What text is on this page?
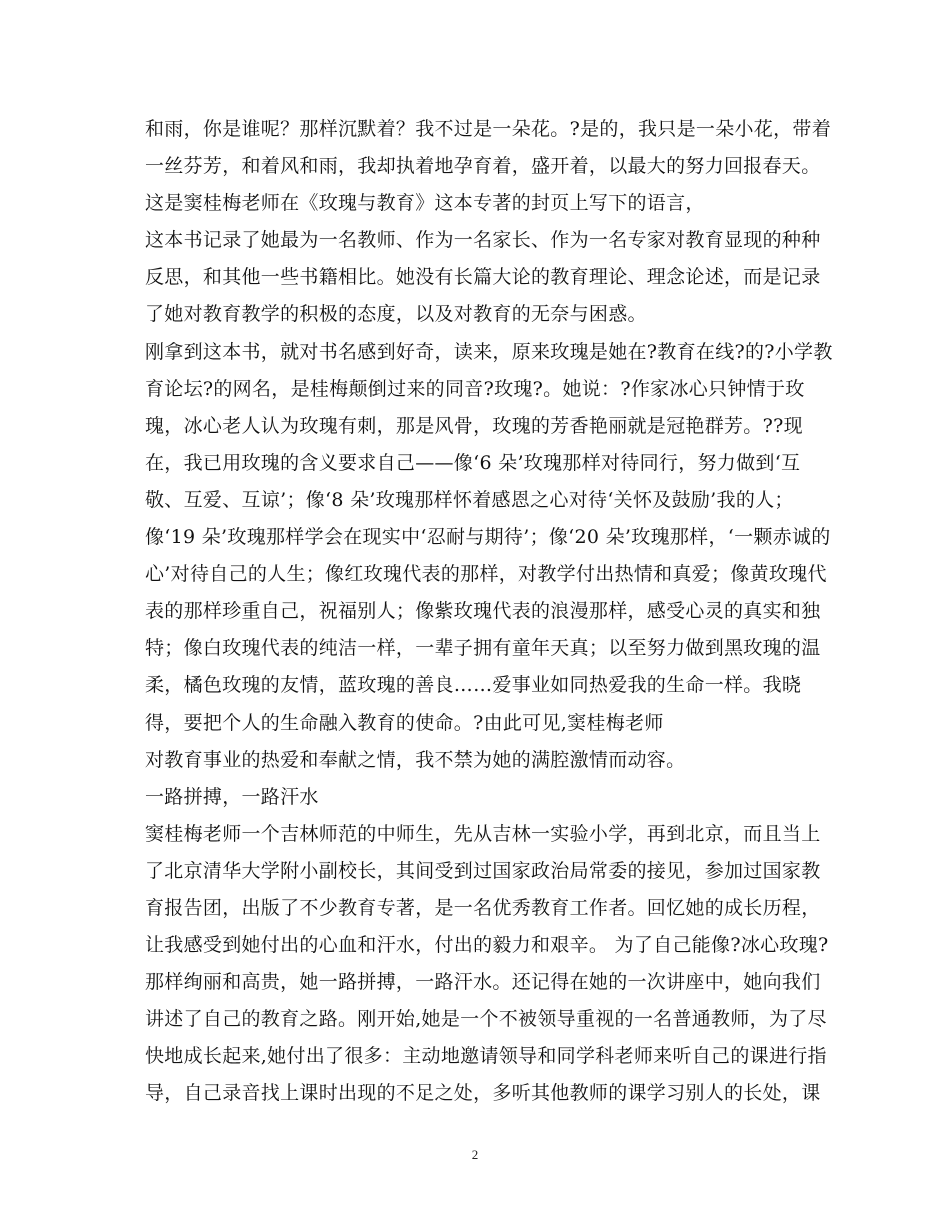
和雨，你是谁呢？那样沉默着？我不过是一朵花。?是的，我只是一朵小花，带着
一丝芬芳，和着风和雨，我却执着地孕育着，盛开着，以最大的努力回报春天。
这是窦桂梅老师在《玫瑰与教育》这本专著的封页上写下的语言，
这本书记录了她最为一名教师、作为一名家长、作为一名专家对教育显现的种种
反思，和其他一些书籍相比。她没有长篇大论的教育理论、理念论述，而是记录
了她对教育教学的积极的态度，以及对教育的无奈与困惑。
刚拿到这本书，就对书名感到好奇，读来，原来玫瑰是她在?教育在线?的?小学教
育论坛?的网名，是桂梅颠倒过来的同音?玫瑰?。她说：?作家冰心只钟情于玫
瑰，冰心老人认为玫瑰有刺，那是风骨，玫瑰的芳香艳丽就是冠艳群芳。??现
在，我已用玫瑰的含义要求自己——像‘6 朵’玫瑰那样对待同行，努力做到‘互
敬、互爱、互谅’；像‘8 朵’玫瑰那样怀着感恩之心对待‘关怀及鼓励’我的人；
像‘19 朵’玫瑰那样学会在现实中‘忍耐与期待’；像‘20 朵’玫瑰那样，‘一颗赤诚的
心’对待自己的人生；像红玫瑰代表的那样，对教学付出热情和真爱；像黄玫瑰代
表的那样珍重自己，祝福别人；像紫玫瑰代表的浪漫那样，感受心灵的真实和独
特；像白玫瑰代表的纯洁一样，一辈子拥有童年天真；以至努力做到黑玫瑰的温
柔，橘色玫瑰的友情，蓝玫瑰的善良……爱事业如同热爱我的生命一样。我晓
得，要把个人的生命融入教育的使命。?由此可见,窦桂梅老师
对教育事业的热爱和奉献之情，我不禁为她的满腔激情而动容。
一路拼搏，一路汗水
窦桂梅老师一个吉林师范的中师生，先从吉林一实验小学，再到北京，而且当上
了北京清华大学附小副校长，其间受到过国家政治局常委的接见，参加过国家教
育报告团，出版了不少教育专著，是一名优秀教育工作者。回忆她的成长历程，
让我感受到她付出的心血和汗水，付出的毅力和艰辛。 为了自己能像?冰心玫瑰?
那样绚丽和高贵，她一路拼搏，一路汗水。还记得在她的一次讲座中，她向我们
讲述了自己的教育之路。刚开始,她是一个不被领导重视的一名普通教师，为了尽
快地成长起来,她付出了很多：主动地邀请领导和同学科老师来听自己的课进行指
导，自己录音找上课时出现的不足之处，多听其他教师的课学习别人的长处，课
2
